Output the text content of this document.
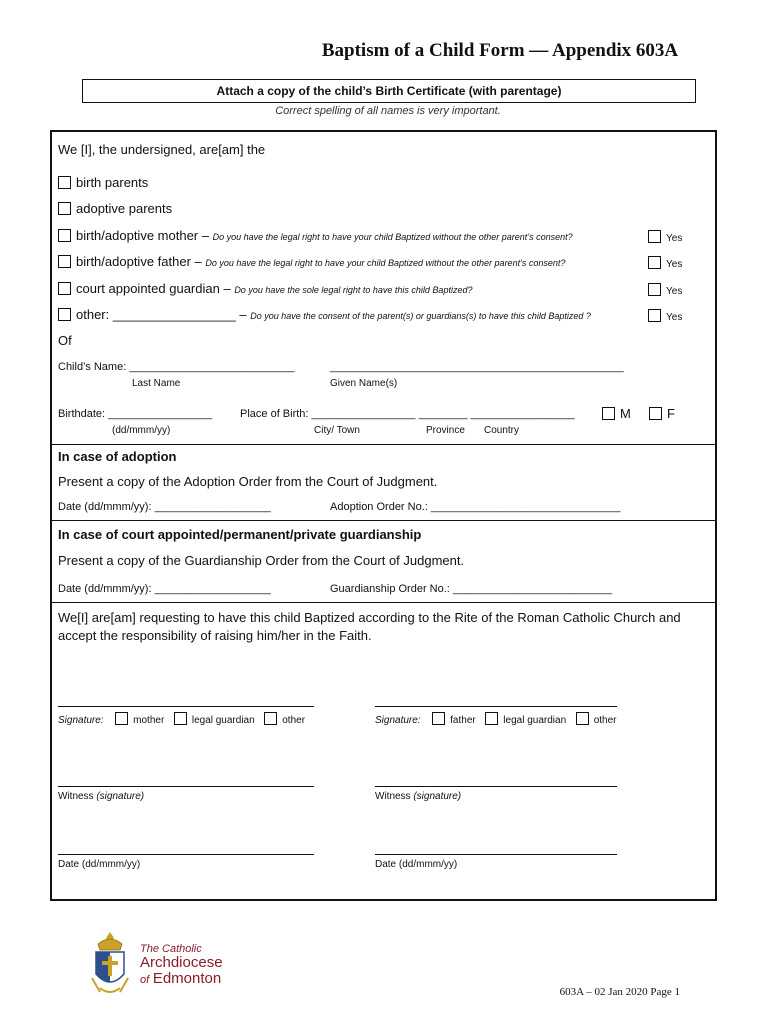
Baptism of a Child Form — Appendix 603A
Attach a copy of the child’s Birth Certificate (with parentage)
Correct spelling of all names is very important.
We [I], the undersigned, are[am] the
birth parents
adoptive parents
birth/adoptive mother – Do you have the legal right to have your child Baptized without the other parent’s consent?	Yes
birth/adoptive father – Do you have the legal right to have your child Baptized without the other parent’s consent?	Yes
court appointed guardian – Do you have the sole legal right to have this child Baptized?	Yes
other: _________________ – Do you have the consent of the parent(s) or guardians(s) to have this child Baptized ?	Yes
Of
Child’s Name: ___________________________	________________________________________________
Last Name	Given Name(s)
Birthdate: _________________
(dd/mmm/yy)
Place of Birth: _________________ ________ _________________
City/ Town	Province Country
M	F
In case of adoption
Present a copy of the Adoption Order from the Court of Judgment.
Date (dd/mmm/yy): ___________________	Adoption Order No.: _______________________________
In case of court appointed/permanent/private guardianship
Present a copy of the Guardianship Order from the Court of Judgment.
Date (dd/mmm/yy): ___________________	Guardianship Order No.: __________________________
We[I] are[am] requesting to have this child Baptized according to the Rite of the Roman Catholic Church and accept the responsibility of raising him/her in the Faith.
Signature:	mother	legal guardian	other	Signature:	father	legal guardian	other
Witness (signature)	Witness (signature)
Date (dd/mmm/yy)	Date (dd/mmm/yy)
The Catholic
Archdiocese
of Edmonton
603A – 02 Jan 2020 Page 1
